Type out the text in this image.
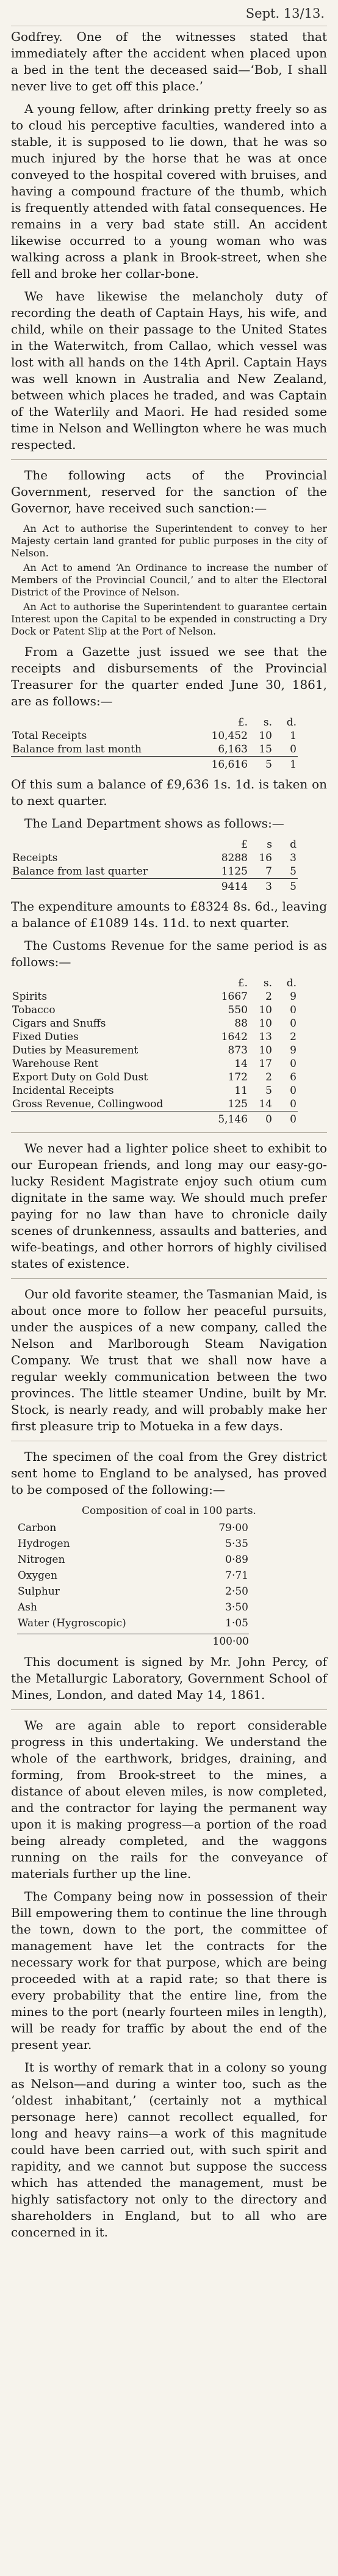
Sept. 13/13.

Godfrey. One of the witnesses stated that immediately after the accident when placed upon a bed in the tent the deceased said—‘Bob, I shall never live to get off this place.’

A young fellow, after drinking pretty freely so as to cloud his perceptive faculties, wandered into a stable, it is supposed to lie down, that he was so much injured by the horse that he was at once conveyed to the hospital covered with bruises, and having a compound fracture of the thumb, which is frequently attended with fatal consequences. He remains in a very bad state still. An accident likewise occurred to a young woman who was walking across a plank in Brook-street, when she fell and broke her collar-bone.

We have likewise the melancholy duty of recording the death of Captain Hays, his wife, and child, while on their passage to the United States in the Waterwitch, from Callao, which vessel was lost with all hands on the 14th April. Captain Hays was well known in Australia and New Zealand, between which places he traded, and was Captain of the Waterlily and Maori. He had resided some time in Nelson and Wellington where he was much respected.

The following acts of the Provincial Government, reserved for the sanction of the Governor, have received such sanction:—

An Act to authorise the Superintendent to convey to her Majesty certain land granted for public purposes in the city of Nelson.

An Act to amend ‘An Ordinance to increase the number of Members of the Provincial Council,’ and to alter the Electoral District of the Province of Nelson.

An Act to authorise the Superintendent to guarantee certain Interest upon the Capital to be expended in constructing a Dry Dock or Patent Slip at the Port of Nelson.

From a Gazette just issued we see that the receipts and disbursements of the Provincial Treasurer for the quarter ended June 30, 1861, are as follows:—

	£.	s.	d.
Total Receipts	10,452	10	1
Balance from last month	6,163	15	0
	16,616	5	1

Of this sum a balance of £9,636 1s. 1d. is taken on to next quarter.

The Land Department shows as follows:—

	£	s	d
Receipts	8288	16	3
Balance from last quarter	1125	7	5
	9414	3	5

The expenditure amounts to £8324 8s. 6d., leaving a balance of £1089 14s. 11d. to next quarter.

The Customs Revenue for the same period is as follows:—

	£.	s.	d.
Spirits	1667	2	9
Tobacco	550	10	0
Cigars and Snuffs	88	10	0
Fixed Duties	1642	13	2
Duties by Measurement	873	10	9
Warehouse Rent	14	17	0
Export Duty on Gold Dust	172	2	6
Incidental Receipts	11	5	0
Gross Revenue, Collingwood	125	14	0
	5,146	0	0

We never had a lighter police sheet to exhibit to our European friends, and long may our easy-go-lucky Resident Magistrate enjoy such otium cum dignitate in the same way. We should much prefer paying for no law than have to chronicle daily scenes of drunkenness, assaults and batteries, and wife-beatings, and other horrors of highly civilised states of existence.

Our old favorite steamer, the Tasmanian Maid, is about once more to follow her peaceful pursuits, under the auspices of a new company, called the Nelson and Marlborough Steam Navigation Company. We trust that we shall now have a regular weekly communication between the two provinces. The little steamer Undine, built by Mr. Stock, is nearly ready, and will probably make her first pleasure trip to Motueka in a few days.

The specimen of the coal from the Grey district sent home to England to be analysed, has proved to be composed of the following:—

Composition of coal in 100 parts.
Carbon	79·00
Hydrogen	5·35
Nitrogen	0·89
Oxygen	7·71
Sulphur	2·50
Ash	3·50
Water (Hygroscopic)	1·05
100·00

This document is signed by Mr. John Percy, of the Metallurgic Laboratory, Government School of Mines, London, and dated May 14, 1861.

We are again able to report considerable progress in this undertaking. We understand the whole of the earthwork, bridges, draining, and forming, from Brook-street to the mines, a distance of about eleven miles, is now completed, and the contractor for laying the permanent way upon it is making progress—a portion of the road being already completed, and the waggons running on the rails for the conveyance of materials further up the line.

The Company being now in possession of their Bill empowering them to continue the line through the town, down to the port, the committee of management have let the contracts for the necessary work for that purpose, which are being proceeded with at a rapid rate; so that there is every probability that the entire line, from the mines to the port (nearly fourteen miles in length), will be ready for traffic by about the end of the present year.

It is worthy of remark that in a colony so young as Nelson—and during a winter too, such as the ‘oldest inhabitant,’ (certainly not a mythical personage here) cannot recollect equalled, for long and heavy rains—a work of this magnitude could have been carried out, with such spirit and rapidity, and we cannot but suppose the success which has attended the management, must be highly satisfactory not only to the directory and shareholders in England, but to all who are concerned in it.
